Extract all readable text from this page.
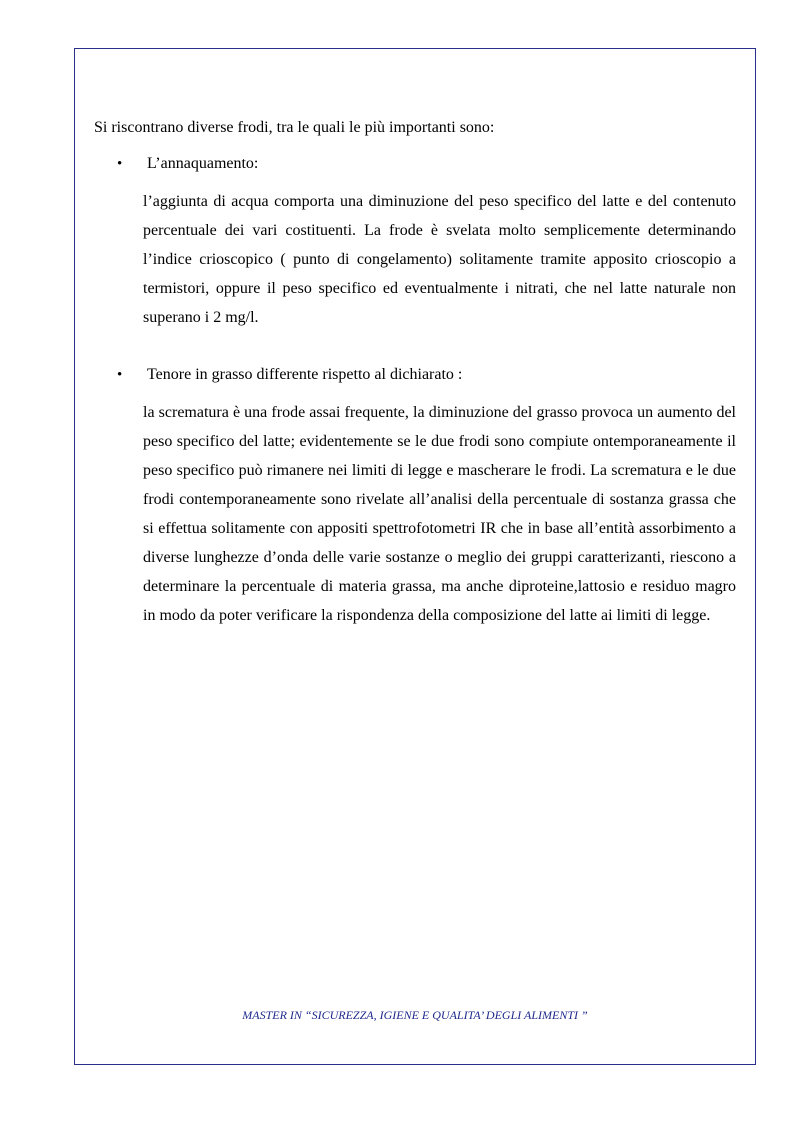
Si riscontrano diverse frodi, tra le quali le più importanti sono:
• L’annaquamento:

l’aggiunta di acqua comporta una diminuzione del peso specifico del latte e del contenuto percentuale dei vari costituenti. La frode è svelata molto semplicemente determinando l’indice crioscopico ( punto di congelamento) solitamente tramite apposito crioscopio a termistori, oppure il peso specifico ed eventualmente i nitrati, che nel latte naturale non superano i 2 mg/l.

• Tenore in grasso differente rispetto al dichiarato :

la scrematura è una frode assai frequente, la diminuzione del grasso provoca un aumento del peso specifico del latte; evidentemente se le due frodi sono compiute ontemporaneamente il peso specifico può rimanere nei limiti di legge e mascherare le frodi. La scrematura e le due frodi contemporaneamente sono rivelate all’analisi della percentuale di sostanza grassa che si effettua solitamente con appositi spettrofotometri IR che in base all’entità assorbimento a diverse lunghezze d’onda delle varie sostanze o meglio dei gruppi caratterizanti, riescono a determinare la percentuale di materia grassa, ma anche diproteine,lattosio e residuo magro in modo da poter verificare la rispondenza della composizione del latte ai limiti di legge.

MASTER IN “SICUREZZA, IGIENE E QUALITA’ DEGLI ALIMENTI ”
